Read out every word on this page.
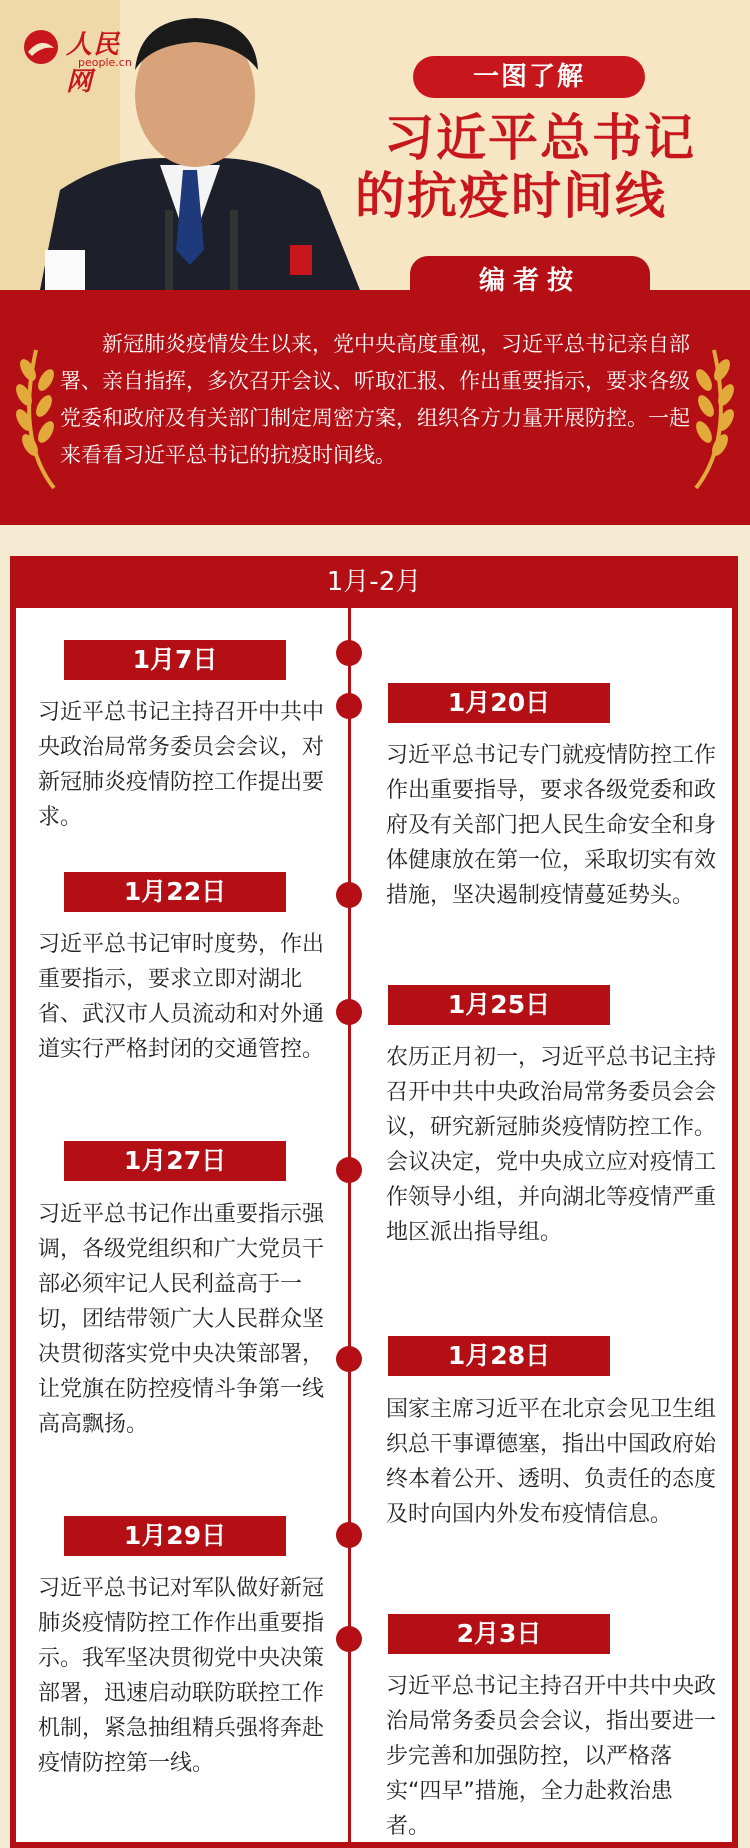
人民网
people.cn	一图了解
习近平总书记
的抗疫时间线
编者按

新冠肺炎疫情发生以来，党中央高度重视，习近平总书记亲自部署、亲自指挥，多次召开会议、听取汇报、作出重要指示，要求各级党委和政府及有关部门制定周密方案，组织各方力量开展防控。一起来看看习近平总书记的抗疫时间线。

1月-2月
1月7日
习近平总书记主持召开中共中央政治局常务委员会会议，对新冠肺炎疫情防控工作提出要求。
1月20日
习近平总书记专门就疫情防控工作作出重要指导，要求各级党委和政府及有关部门把人民生命安全和身体健康放在第一位，采取切实有效措施，坚决遏制疫情蔓延势头。
1月22日
习近平总书记审时度势，作出重要指示，要求立即对湖北省、武汉市人员流动和对外通道实行严格封闭的交通管控。
1月25日
农历正月初一，习近平总书记主持召开中共中央政治局常务委员会会议，研究新冠肺炎疫情防控工作。会议决定，党中央成立应对疫情工作领导小组，并向湖北等疫情严重地区派出指导组。
1月27日
习近平总书记作出重要指示强调，各级党组织和广大党员干部必须牢记人民利益高于一切，团结带领广大人民群众坚决贯彻落实党中央决策部署，让党旗在防控疫情斗争第一线高高飘扬。
1月28日
国家主席习近平在北京会见卫生组织总干事谭德塞，指出中国政府始终本着公开、透明、负责任的态度及时向国内外发布疫情信息。
1月29日
习近平总书记对军队做好新冠肺炎疫情防控工作作出重要指示。我军坚决贯彻党中央决策部署，迅速启动联防联控工作机制，紧急抽组精兵强将奔赴疫情防控第一线。
2月3日
习近平总书记主持召开中共中央政治局常务委员会会议，指出要进一步完善和加强防控，以严格落实“四早”措施，全力赴救治患者。
